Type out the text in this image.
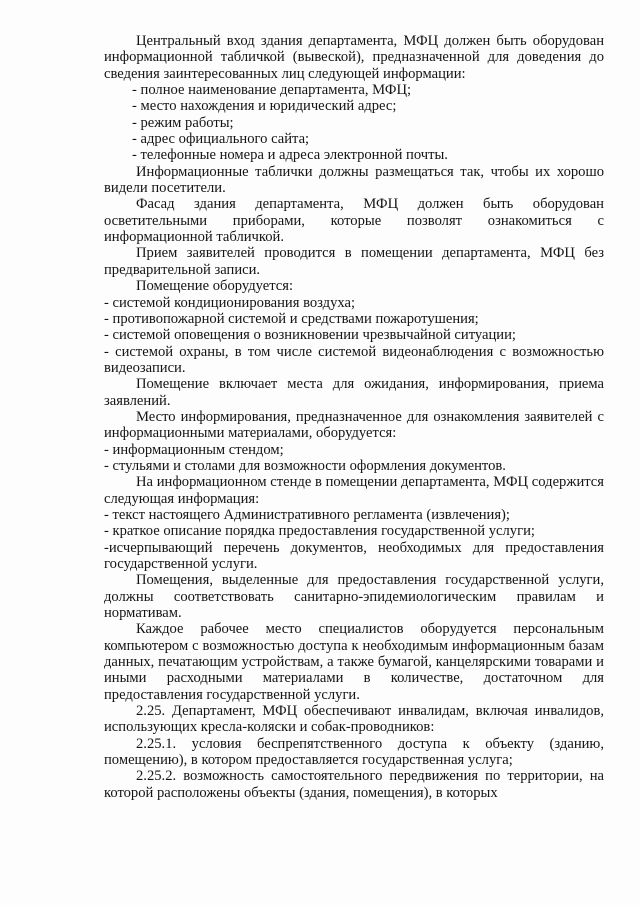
Центральный вход здания департамента, МФЦ должен быть оборудован информационной табличкой (вывеской), предназначенной для доведения до сведения заинтересованных лиц следующей информации:

- полное наименование департамента, МФЦ;

- место нахождения и юридический адрес;

- режим работы;

- адрес официального сайта;

- телефонные номера и адреса электронной почты.

Информационные таблички должны размещаться так, чтобы их хорошо видели посетители.

Фасад здания департамента, МФЦ должен быть оборудован осветительными приборами, которые позволят ознакомиться с информационной табличкой.

Прием заявителей проводится в помещении департамента, МФЦ без предварительной записи.

Помещение оборудуется:

- системой кондиционирования воздуха;

- противопожарной системой и средствами пожаротушения;

- системой оповещения о возникновении чрезвычайной ситуации;

- системой охраны, в том числе системой видеонаблюдения с возможностью видеозаписи.

Помещение включает места для ожидания, информирования, приема заявлений.

Место информирования, предназначенное для ознакомления заявителей с информационными материалами, оборудуется:

- информационным стендом;

- стульями и столами для возможности оформления документов.

На информационном стенде в помещении департамента, МФЦ содержится следующая информация:

- текст настоящего Административного регламента (извлечения);

- краткое описание порядка предоставления государственной услуги;

-исчерпывающий перечень документов, необходимых для предоставления государственной услуги.

Помещения, выделенные для предоставления государственной услуги, должны соответствовать санитарно-эпидемиологическим правилам и нормативам.

Каждое рабочее место специалистов оборудуется персональным компьютером с возможностью доступа к необходимым информационным базам данных, печатающим устройствам, а также бумагой, канцелярскими товарами и иными расходными материалами в количестве, достаточном для предоставления государственной услуги.

2.25. Департамент, МФЦ обеспечивают инвалидам, включая инвалидов, использующих кресла-коляски и собак-проводников:

2.25.1. условия беспрепятственного доступа к объекту (зданию, помещению), в котором предоставляется государственная услуга;

2.25.2. возможность самостоятельного передвижения по территории, на которой расположены объекты (здания, помещения), в которых
